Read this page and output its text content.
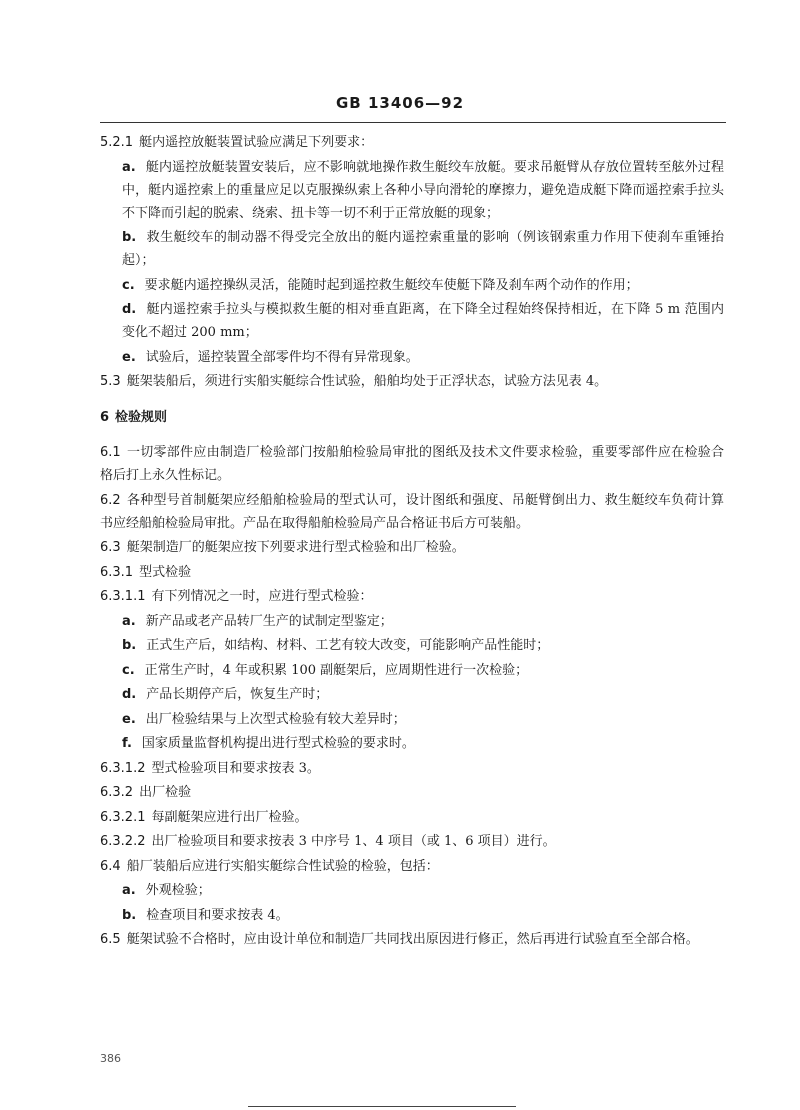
GB 13406—92
5.2.1 艇内遥控放艇装置试验应满足下列要求：
a. 艇内遥控放艇装置安装后，应不影响就地操作救生艇绞车放艇。要求吊艇臂从存放位置转至舷外过程中，艇内遥控索上的重量应足以克服操纵索上各种小导向滑轮的摩擦力，避免造成艇下降而遥控索手拉头不下降而引起的脱索、绕索、扭卡等一切不利于正常放艇的现象；
b. 救生艇绞车的制动器不得受完全放出的艇内遥控索重量的影响（例该钢索重力作用下使刹车重锤抬起）；
c. 要求艇内遥控操纵灵活，能随时起到遥控救生艇绞车使艇下降及刹车两个动作的作用；
d. 艇内遥控索手拉头与模拟救生艇的相对垂直距离，在下降全过程始终保持相近，在下降 5 m 范围内变化不超过 200 mm；
e. 试验后，遥控装置全部零件均不得有异常现象。
5.3 艇架装船后，须进行实船实艇综合性试验，船舶均处于正浮状态，试验方法见表 4。
6 检验规则
6.1 一切零部件应由制造厂检验部门按船舶检验局审批的图纸及技术文件要求检验，重要零部件应在检验合格后打上永久性标记。
6.2 各种型号首制艇架应经船舶检验局的型式认可，设计图纸和强度、吊艇臂倒出力、救生艇绞车负荷计算书应经船舶检验局审批。产品在取得船舶检验局产品合格证书后方可装船。
6.3 艇架制造厂的艇架应按下列要求进行型式检验和出厂检验。
6.3.1 型式检验
6.3.1.1 有下列情况之一时，应进行型式检验：
a. 新产品或老产品转厂生产的试制定型鉴定；
b. 正式生产后，如结构、材料、工艺有较大改变，可能影响产品性能时；
c. 正常生产时，4 年或积累 100 副艇架后，应周期性进行一次检验；
d. 产品长期停产后，恢复生产时；
e. 出厂检验结果与上次型式检验有较大差异时；
f. 国家质量监督机构提出进行型式检验的要求时。
6.3.1.2 型式检验项目和要求按表 3。
6.3.2 出厂检验
6.3.2.1 每副艇架应进行出厂检验。
6.3.2.2 出厂检验项目和要求按表 3 中序号 1、4 项目（或 1、6 项目）进行。
6.4 船厂装船后应进行实船实艇综合性试验的检验，包括：
a. 外观检验；
b. 检查项目和要求按表 4。
6.5 艇架试验不合格时，应由设计单位和制造厂共同找出原因进行修正，然后再进行试验直至全部合格。
386
